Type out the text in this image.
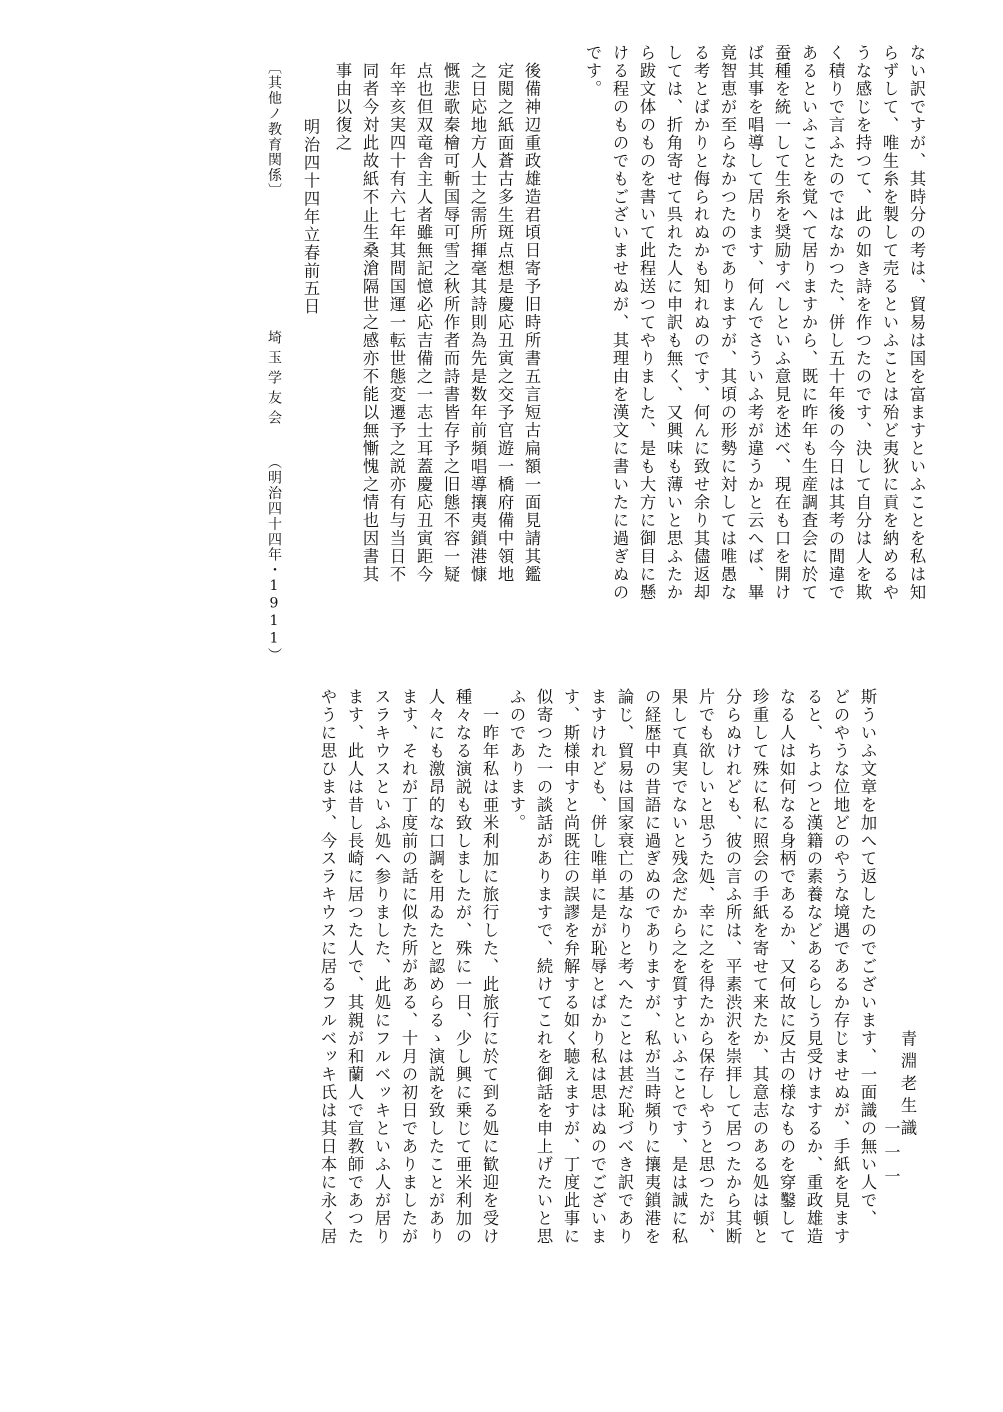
ない訳ですが、其時分の考は、貿易は国を富ますといふことを私は知
らずして、唯生糸を製して売るといふことは殆ど夷狄に貢を納めるや
うな感じを持つて、此の如き詩を作つたのです、決して自分は人を欺
く積りで言ふたのではなかつた、併し五十年後の今日は其考の間違で
あるといふことを覚へて居りますから、既に昨年も生産調査会に於て
蚕種を統一して生糸を奨励すべしといふ意見を述べ、現在も口を開け
ば其事を唱導して居ります、何んでさういふ考が違うかと云へば、畢
竟智恵が至らなかつたのでありますが、其頃の形勢に対しては唯愚な
る考とばかりと侮られぬかも知れぬのです、何んに致せ余り其儘返却
しては、折角寄せて呉れた人に申訳も無く、又興味も薄いと思ふたか
ら跋文体のものを書いて此程送つてやりました、是も大方に御目に懸
ける程のものでもございませぬが、其理由を漢文に書いたに過ぎぬの
です。
後備神辺重政雄造君頃日寄予旧時所書五言短古扁額一面見請其鑑
定閲之紙面蒼古多生斑点想是慶応丑寅之交予官遊一橋府備中領地
之日応地方人士之需所揮毫其詩則為先是数年前頻唱導攘夷鎖港慷
慨悲歌秦檜可斬国辱可雪之秋所作者而詩書皆存予之旧態不容一疑
点也但双竜舎主人者雖無記憶必応吉備之一志士耳蓋慶応丑寅距今
年辛亥実四十有六七年其間国運一転世態変遷予之説亦有与当日不
同者今対此故紙不止生桑滄隔世之感亦不能以無慚愧之情也因書其
事由以復之
明治四十四年立春前五日
〔其他ノ教育関係〕
埼玉学友会
（明治四十四年・1911）
青淵老生識
斯ういふ文章を加へて返したのでございます、一面識の無い人で、
どのやうな位地どのやうな境遇であるか存じませぬが、手紙を見ます
ると、ちよつと漢籍の素養などあるらしう見受けまするか、重政雄造
なる人は如何なる身柄であるか、又何故に反古の様なものを穿鑿して
珍重して殊に私に照会の手紙を寄せて来たか、其意志のある処は頓と
分らぬけれども、彼の言ふ所は、平素渋沢を崇拝して居つたから其断
片でも欲しいと思うた処、幸に之を得たから保存しやうと思つたが、
果して真実でないと残念だから之を質すといふことです、是は誠に私
の経歴中の昔語に過ぎぬのでありますが、私が当時頻りに攘夷鎖港を
論じ、貿易は国家衰亡の基なりと考へたことは甚だ恥づべき訳であり
ますけれども、併し唯単に是が恥辱とばかり私は思はぬのでございま
す、斯様申すと尚既往の誤謬を弁解する如く聴えますが、丁度此事に
似寄つた一の談話がありますで、続けてこれを御話を申上げたいと思
ふのであります。
一昨年私は亜米利加に旅行した、此旅行に於て到る処に歓迎を受け
種々なる演説も致しましたが、殊に一日、少し興に乗じて亜米利加の
人々にも激昂的な口調を用ゐたと認めらるゝ演説を致したことがあり
ます、それが丁度前の話に似た所がある、十月の初日でありましたが
スラキウスといふ処へ参りました、此処にフルベッキといふ人が居り
ます、此人は昔し長崎に居つた人で、其親が和蘭人で宣教師であつた
やうに思ひます、今スラキウスに居るフルベッキ氏は其日本に永く居	一一一
